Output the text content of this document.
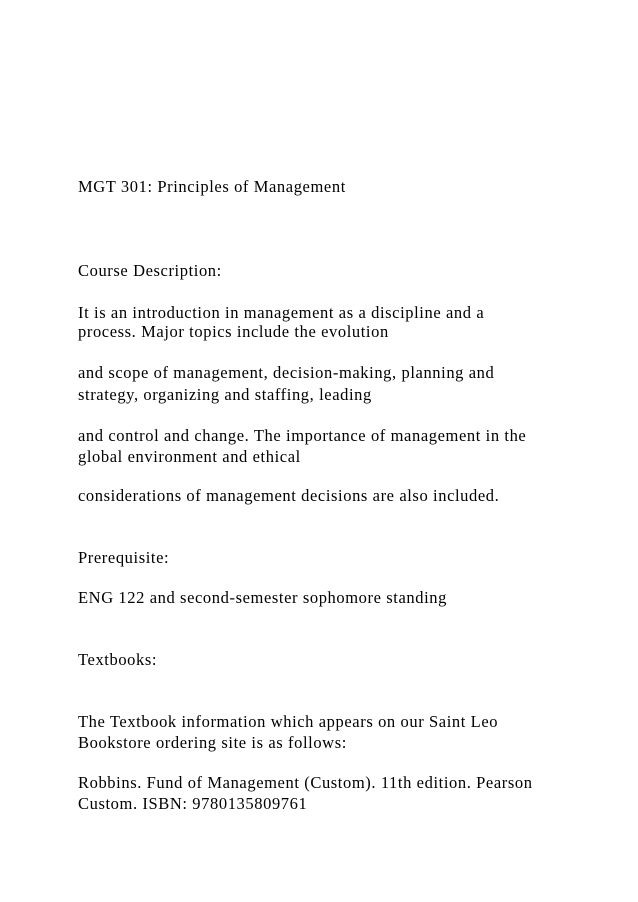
MGT 301: Principles of Management

Course Description:

It is an introduction in management as a discipline and a

process. Major topics include the evolution

and scope of management, decision-making, planning and

strategy, organizing and staffing, leading

and control and change. The importance of management in the

global environment and ethical

considerations of management decisions are also included.

Prerequisite:

ENG 122 and second-semester sophomore standing

Textbooks:

The Textbook information which appears on our Saint Leo

Bookstore ordering site is as follows:

Robbins. Fund of Management (Custom). 11th edition. Pearson

Custom. ISBN: 9780135809761
